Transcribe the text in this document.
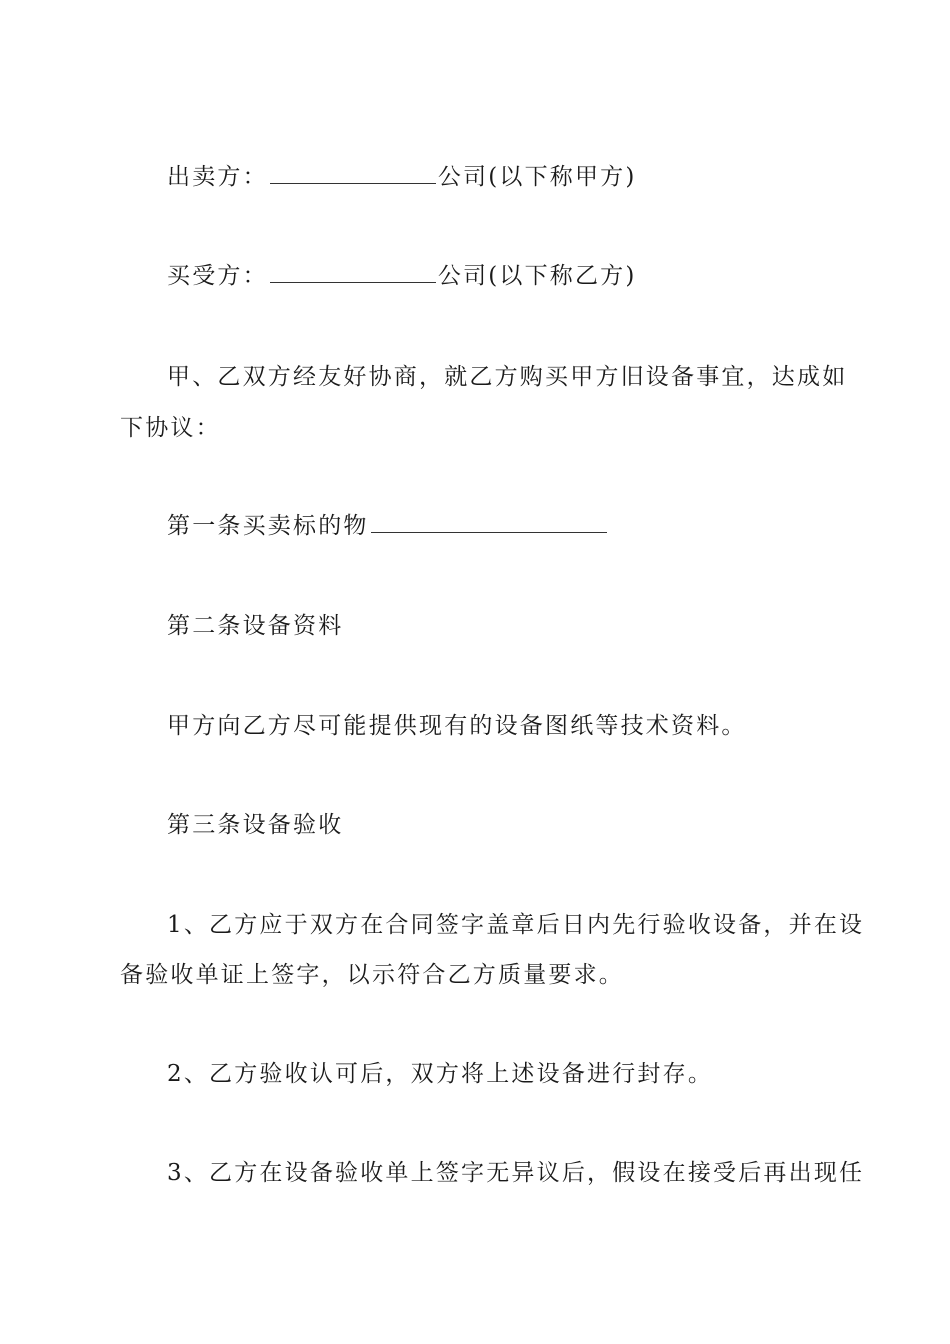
出卖方：	公司(以下称甲方)
买受方：	公司(以下称乙方)
甲、乙双方经友好协商，就乙方购买甲方旧设备事宜，达成如
下协议：
第一条买卖标的物
第二条设备资料
甲方向乙方尽可能提供现有的设备图纸等技术资料。
第三条设备验收
1、乙方应于双方在合同签字盖章后日内先行验收设备，并在设
备验收单证上签字，以示符合乙方质量要求。
2、乙方验收认可后，双方将上述设备进行封存。
3、乙方在设备验收单上签字无异议后，假设在接受后再出现任
